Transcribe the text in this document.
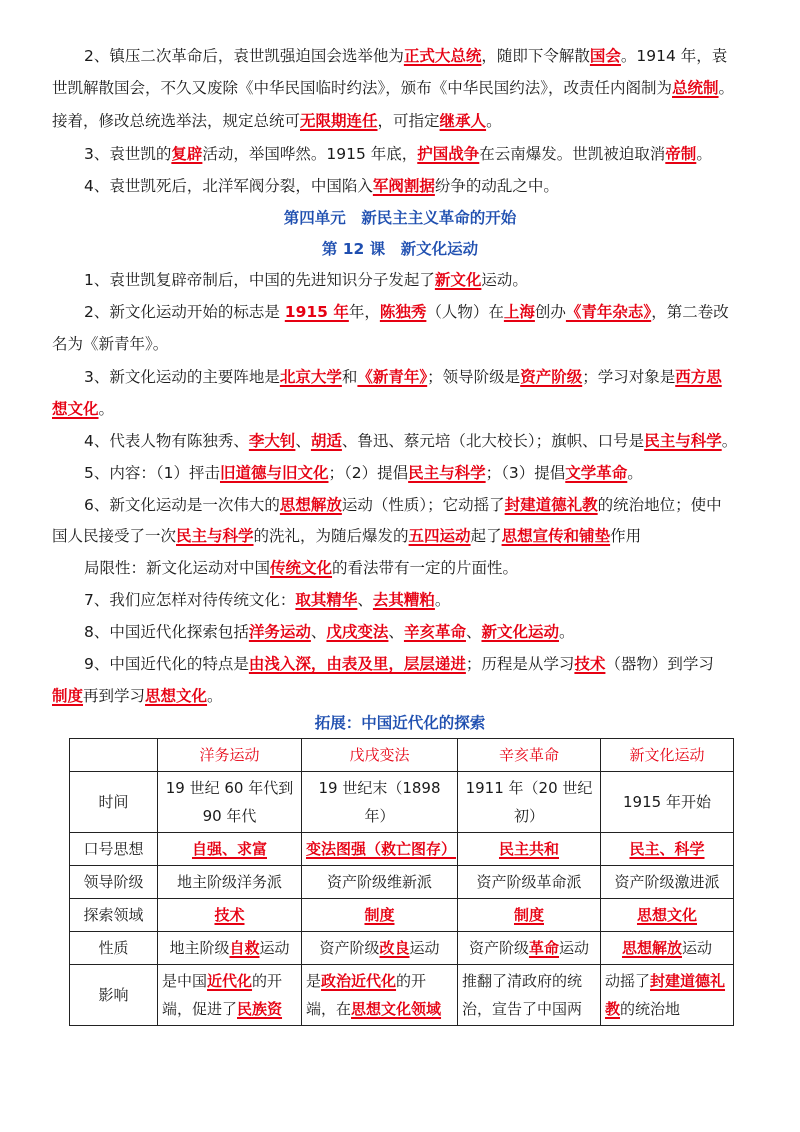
2、镇压二次革命后，袁世凯强迫国会选举他为正式大总统，随即下令解散国会。1914 年，袁
世凯解散国会，不久又废除《中华民国临时约法》，颁布《中华民国约法》，改责任内阁制为总统制。
接着，修改总统选举法，规定总统可无限期连任，可指定继承人。
3、袁世凯的复辟活动，举国哗然。1915 年底，护国战争在云南爆发。世凯被迫取消帝制。
4、袁世凯死后，北洋军阀分裂，中国陷入军阀割据纷争的动乱之中。
第四单元　新民主主义革命的开始
第 12 课　新文化运动
1、袁世凯复辟帝制后，中国的先进知识分子发起了新文化运动。
2、新文化运动开始的标志是 1915 年年，陈独秀（人物）在上海创办《青年杂志》，第二卷改
名为《新青年》。
3、新文化运动的主要阵地是北京大学和《新青年》；领导阶级是资产阶级；学习对象是西方思
想文化。
4、代表人物有陈独秀、李大钊、胡适、鲁迅、蔡元培（北大校长）；旗帜、口号是民主与科学。
5、内容：（1）抨击旧道德与旧文化；（2）提倡民主与科学；（3）提倡文学革命。
6、新文化运动是一次伟大的思想解放运动（性质）；它动摇了封建道德礼教的统治地位；使中
国人民接受了一次民主与科学的洗礼，为随后爆发的五四运动起了思想宣传和铺垫作用
局限性：新文化运动对中国传统文化的看法带有一定的片面性。
7、我们应怎样对待传统文化：取其精华、去其糟粕。
8、中国近代化探索包括洋务运动、戊戌变法、辛亥革命、新文化运动。
9、中国近代化的特点是由浅入深，由表及里，层层递进；历程是从学习技术（器物）到学习
制度再到学习思想文化。
拓展：中国近代化的探索
	洋务运动	戊戌变法	辛亥革命	新文化运动
时间	19 世纪 60 年代到 90 年代	19 世纪末（1898 年）	1911 年（20 世纪初）	1915 年开始
口号思想	自强、求富	变法图强（救亡图存）	民主共和	民主、科学
领导阶级	地主阶级洋务派	资产阶级维新派	资产阶级革命派	资产阶级激进派
探索领域	技术	制度	制度	思想文化
性质	地主阶级自救运动	资产阶级改良运动	资产阶级革命运动	思想解放运动
影响	是中国近代化的开端，促进了民族资	是政治近代化的开端，在思想文化领域	推翻了清政府的统治，宣告了中国两	动摇了封建道德礼教的统治地
